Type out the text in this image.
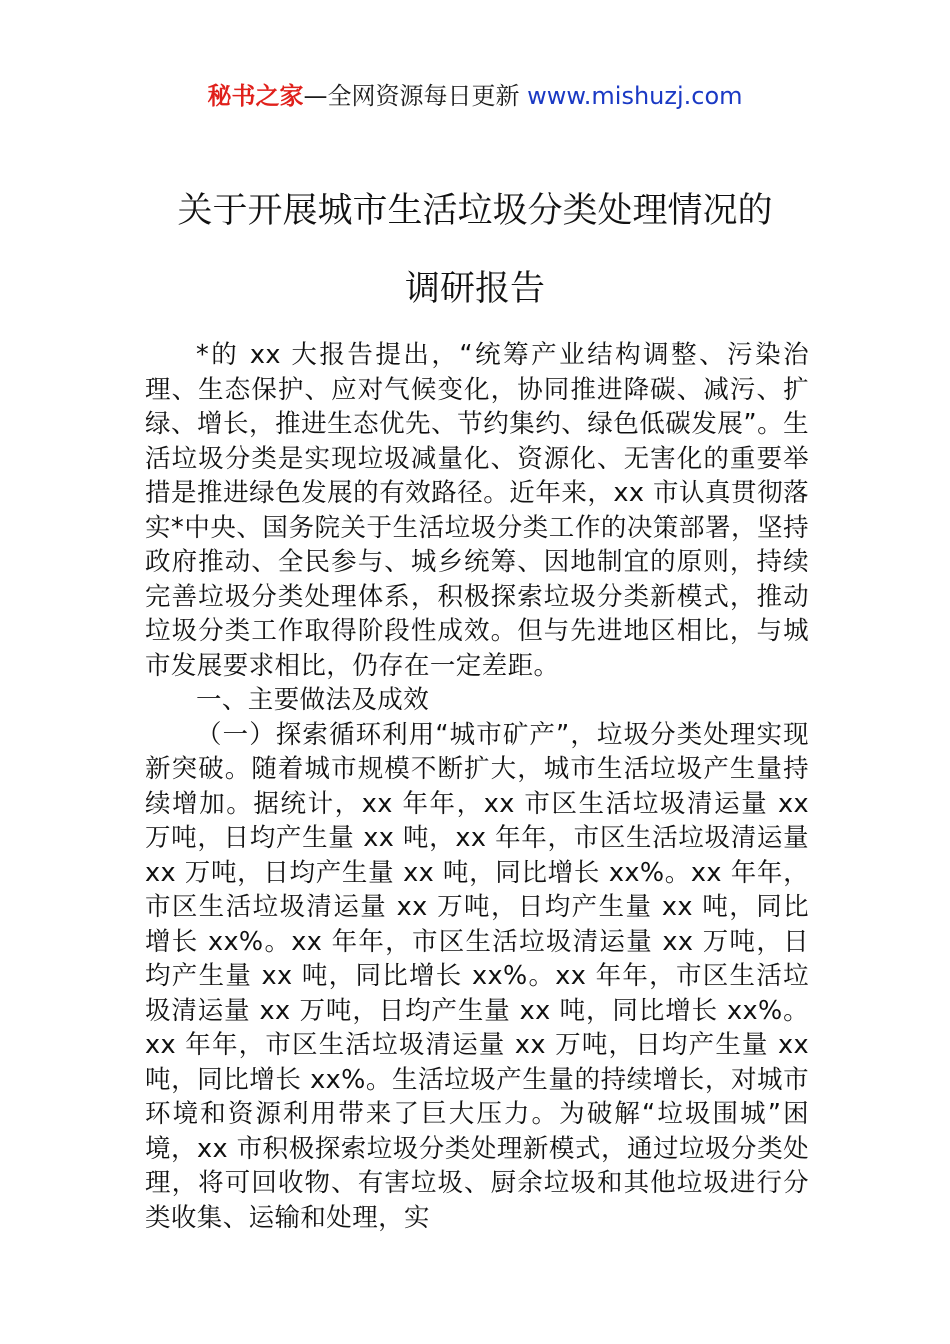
秘书之家—全网资源每日更新 www.mishuzj.com
关于开展城市生活垃圾分类处理情况的
调研报告

*的 xx 大报告提出，“统筹产业结构调整、污染治理、生态保护、应对气候变化，协同推进降碳、减污、扩绿、增长，推进生态优先、节约集约、绿色低碳发展”。生活垃圾分类是实现垃圾减量化、资源化、无害化的重要举措是推进绿色发展的有效路径。近年来，xx 市认真贯彻落实*中央、国务院关于生活垃圾分类工作的决策部署，坚持政府推动、全民参与、城乡统筹、因地制宜的原则，持续完善垃圾分类处理体系，积极探索垃圾分类新模式，推动垃圾分类工作取得阶段性成效。但与先进地区相比，与城市发展要求相比，仍存在一定差距。

一、主要做法及成效

（一）探索循环利用“城市矿产”，垃圾分类处理实现新突破。随着城市规模不断扩大，城市生活垃圾产生量持续增加。据统计，xx 年年，xx 市区生活垃圾清运量 xx 万吨，日均产生量 xx 吨，xx 年年，市区生活垃圾清运量 xx 万吨，日均产生量 xx 吨，同比增长 xx%。xx 年年，市区生活垃圾清运量 xx 万吨，日均产生量 xx 吨，同比增长 xx%。xx 年年，市区生活垃圾清运量 xx 万吨，日均产生量 xx 吨，同比增长 xx%。xx 年年，市区生活垃圾清运量 xx 万吨，日均产生量 xx 吨，同比增长 xx%。xx 年年，市区生活垃圾清运量 xx 万吨，日均产生量 xx 吨，同比增长 xx%。生活垃圾产生量的持续增长，对城市环境和资源利用带来了巨大压力。为破解“垃圾围城”困境，xx 市积极探索垃圾分类处理新模式，通过垃圾分类处理，将可回收物、有害垃圾、厨余垃圾和其他垃圾进行分类收集、运输和处理，实
